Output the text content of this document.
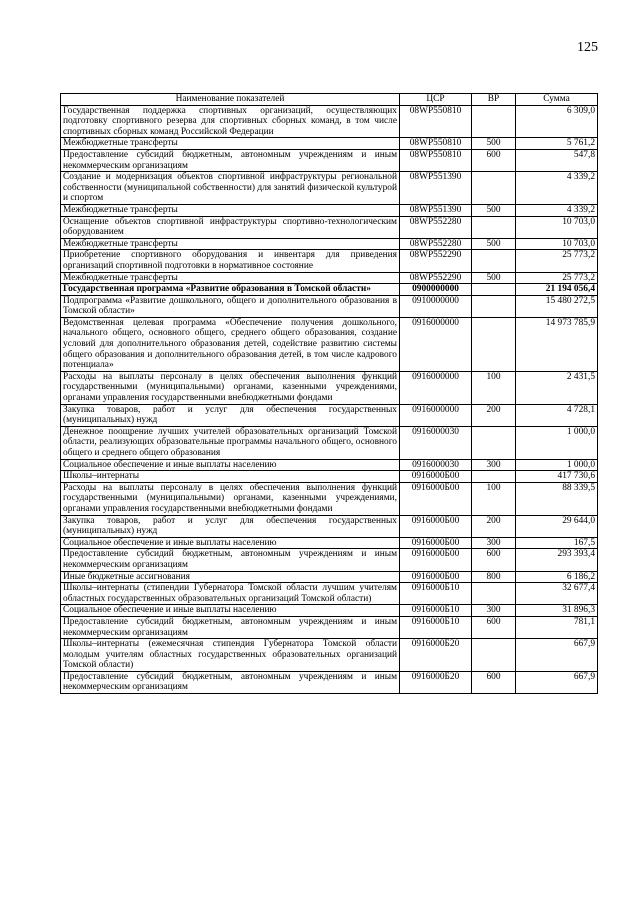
125
Наименование показателей	ЦСР	ВР	Сумма
Государственная поддержка спортивных организаций, осуществляющих подготовку спортивного резерва для спортивных сборных команд, в том числе спортивных сборных команд Российской Федерации	08WP550810		6 309,0
Межбюджетные трансферты	08WP550810	500	5 761,2
Предоставление субсидий бюджетным, автономным учреждениям и иным некоммерческим организациям	08WP550810	600	547,8
Создание и модернизация объектов спортивной инфраструктуры региональной собственности (муниципальной собственности) для занятий физической культурой и спортом	08WP551390		4 339,2
Межбюджетные трансферты	08WP551390	500	4 339,2
Оснащение объектов спортивной инфраструктуры спортивно-технологическим оборудованием	08WP552280		10 703,0
Межбюджетные трансферты	08WP552280	500	10 703,0
Приобретение спортивного оборудования и инвентаря для приведения организаций спортивной подготовки в нормативное состояние	08WP552290		25 773,2
Межбюджетные трансферты	08WP552290	500	25 773,2
Государственная программа «Развитие образования в Томской области»	0900000000		21 194 056,4
Подпрограмма «Развитие дошкольного, общего и дополнительного образования в Томской области»	0910000000		15 480 272,5
Ведомственная целевая программа «Обеспечение получения дошкольного, начального общего, основного общего, среднего общего образования, создание условий для дополнительного образования детей, содействие развитию системы общего образования и дополнительного образования детей, в том числе кадрового потенциала»	0916000000		14 973 785,9
Расходы на выплаты персоналу в целях обеспечения выполнения функций государственными (муниципальными) органами, казенными учреждениями, органами управления государственными внебюджетными фондами	0916000000	100	2 431,5
Закупка товаров, работ и услуг для обеспечения государственных (муниципальных) нужд	0916000000	200	4 728,1
Денежное поощрение лучших учителей образовательных организаций Томской области, реализующих образовательные программы начального общего, основного общего и среднего общего образования	0916000030		1 000,0
Социальное обеспечение и иные выплаты населению	0916000030	300	1 000,0
Школы–интернаты	0916000Б00		417 730,6
Расходы на выплаты персоналу в целях обеспечения выполнения функций государственными (муниципальными) органами, казенными учреждениями, органами управления государственными внебюджетными фондами	0916000Б00	100	88 339,5
Закупка товаров, работ и услуг для обеспечения государственных (муниципальных) нужд	0916000Б00	200	29 644,0
Социальное обеспечение и иные выплаты населению	0916000Б00	300	167,5
Предоставление субсидий бюджетным, автономным учреждениям и иным некоммерческим организациям	0916000Б00	600	293 393,4
Иные бюджетные ассигнования	0916000Б00	800	6 186,2
Школы–интернаты (стипендии Губернатора Томской области лучшим учителям областных государственных образовательных организаций Томской области)	0916000Б10		32 677,4
Социальное обеспечение и иные выплаты населению	0916000Б10	300	31 896,3
Предоставление субсидий бюджетным, автономным учреждениям и иным некоммерческим организациям	0916000Б10	600	781,1
Школы–интернаты (ежемесячная стипендия Губернатора Томской области молодым учителям областных государственных образовательных организаций Томской области)	0916000Б20		667,9
Предоставление субсидий бюджетным, автономным учреждениям и иным некоммерческим организациям	0916000Б20	600	667,9
